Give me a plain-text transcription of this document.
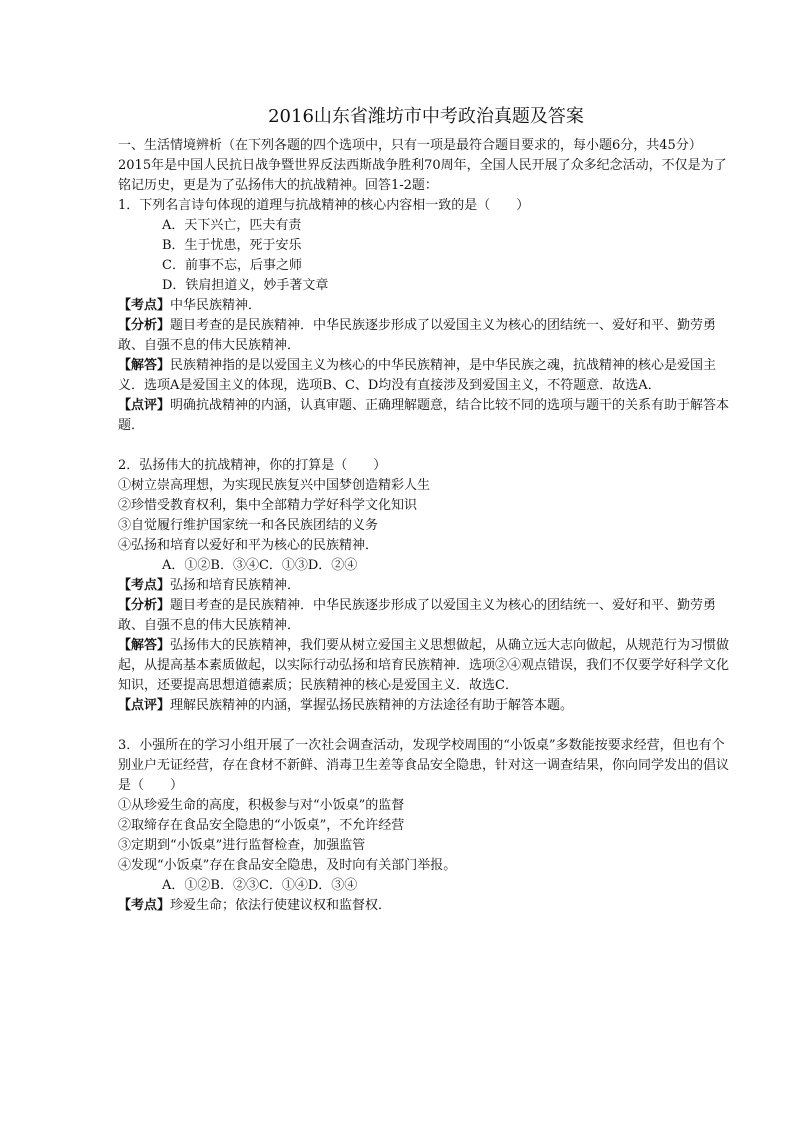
2016山东省潍坊市中考政治真题及答案

一、生活情境辨析（在下列各题的四个选项中，只有一项是最符合题目要求的，每小题6分，共45分）

2015年是中国人民抗日战争暨世界反法西斯战争胜利70周年，全国人民开展了众多纪念活动，不仅是为了铭记历史，更是为了弘扬伟大的抗战精神。回答1-2题：

1．下列名言诗句体现的道理与抗战精神的核心内容相一致的是（　　）

A．天下兴亡，匹夫有责

B．生于忧患，死于安乐

C．前事不忘，后事之师

D．铁肩担道义，妙手著文章

【考点】中华民族精神．

【分析】题目考查的是民族精神．中华民族逐步形成了以爱国主义为核心的团结统一、爱好和平、勤劳勇敢、自强不息的伟大民族精神．

【解答】民族精神指的是以爱国主义为核心的中华民族精神，是中华民族之魂，抗战精神的核心是爱国主义．选项A是爱国主义的体现，选项B、C、D均没有直接涉及到爱国主义，不符题意．故选A．

【点评】明确抗战精神的内涵，认真审题、正确理解题意，结合比较不同的选项与题干的关系有助于解答本题．

2．弘扬伟大的抗战精神，你的打算是（　　）

①树立崇高理想，为实现民族复兴中国梦创造精彩人生

②珍惜受教育权利，集中全部精力学好科学文化知识

③自觉履行维护国家统一和各民族团结的义务

④弘扬和培育以爱好和平为核心的民族精神．

A．①②B．③④C．①③D．②④

【考点】弘扬和培育民族精神．

【分析】题目考查的是民族精神．中华民族逐步形成了以爱国主义为核心的团结统一、爱好和平、勤劳勇敢、自强不息的伟大民族精神．

【解答】弘扬伟大的民族精神，我们要从树立爱国主义思想做起，从确立远大志向做起，从规范行为习惯做起，从提高基本素质做起，以实际行动弘扬和培育民族精神．选项②④观点错误，我们不仅要学好科学文化知识，还要提高思想道德素质；民族精神的核心是爱国主义．故选C．

【点评】理解民族精神的内涵，掌握弘扬民族精神的方法途径有助于解答本题。

3．小强所在的学习小组开展了一次社会调查活动，发现学校周围的“小饭桌”多数能按要求经营，但也有个别业户无证经营，存在食材不新鲜、消毒卫生差等食品安全隐患，针对这一调查结果，你向同学发出的倡议是（　　）

①从珍爱生命的高度，积极参与对“小饭桌”的监督

②取缔存在食品安全隐患的“小饭桌”，不允许经营

③定期到“小饭桌”进行监督检查，加强监管

④发现“小饭桌”存在食品安全隐患，及时向有关部门举报。

A．①②B．②③C．①④D．③④

【考点】珍爱生命；依法行使建议权和监督权．
